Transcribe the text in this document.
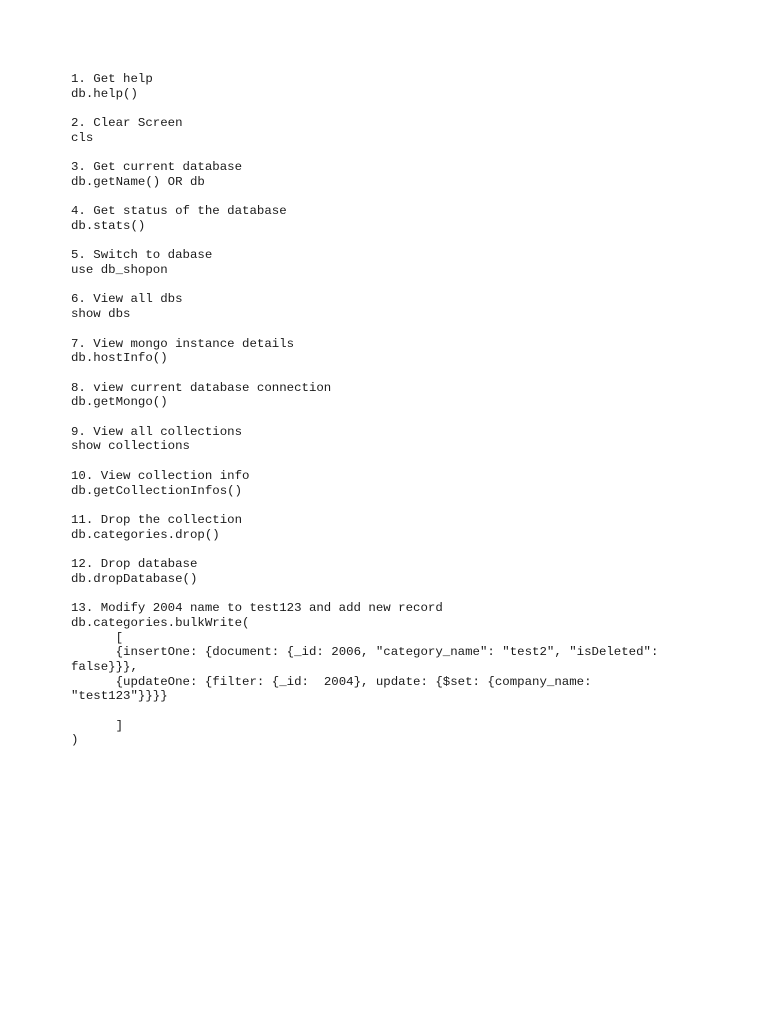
1. Get help
db.help()
2. Clear Screen
cls
3. Get current database
db.getName() OR db
4. Get status of the database
db.stats()
5. Switch to dabase
use db_shopon
6. View all dbs
show dbs
7. View mongo instance details
db.hostInfo()
8. view current database connection
db.getMongo()
9. View all collections
show collections
10. View collection info
db.getCollectionInfos()
11. Drop the collection
db.categories.drop()
12. Drop database
db.dropDatabase()
13. Modify 2004 name to test123 and add new record
db.categories.bulkWrite(
[
{insertOne: {document: {_id: 2006, "category_name": "test2", "isDeleted":
false}}},
{updateOne: {filter: {_id:  2004}, update: {$set: {company_name:
"test123"}}}}
]
)
